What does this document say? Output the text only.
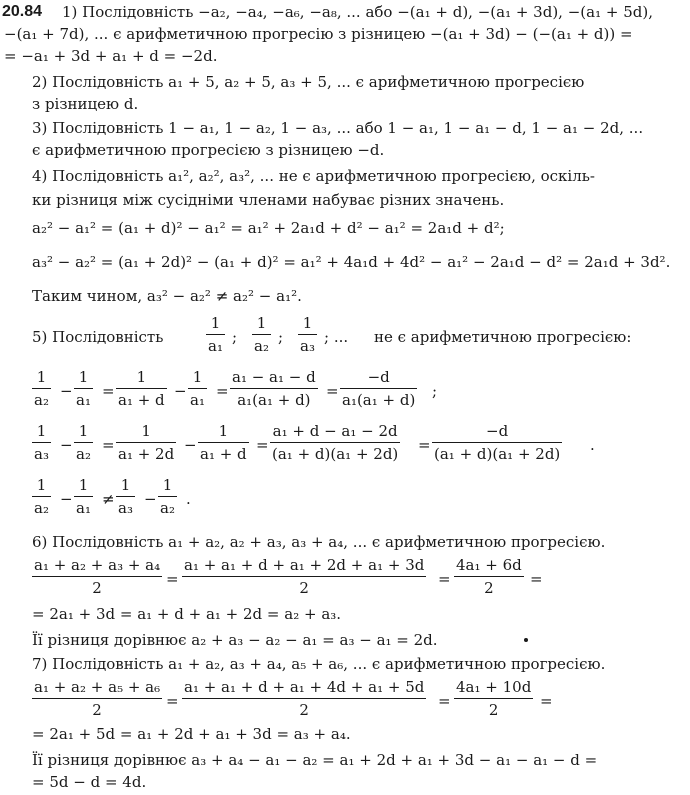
20.84 1) Послідовність −a₂, −a₄, −a₆, −a₈, ... або −(a₁ + d), −(a₁ + 3d), −(a₁ + 5d),
−(a₁ + 7d), ... є арифметичною прогресію з різницею −(a₁ + 3d) − (−(a₁ + d)) =
= −a₁ + 3d + a₁ + d = −2d.
2) Послідовність a₁ + 5, a₂ + 5, a₃ + 5, ... є арифметичною прогресією
з різницею d.
3) Послідовність 1 − a₁, 1 − a₂, 1 − a₃, ... або 1 − a₁, 1 − a₁ − d, 1 − a₁ − 2d, ...
є арифметичною прогресією з різницею −d.
4) Послідовність a₁², a₂², a₃², ... не є арифметичною прогресією, оскіль-
ки різниця між сусідніми членами набуває різних значень.
a₂² − a₁² = (a₁ + d)² − a₁² = a₁² + 2a₁d + d² − a₁² = 2a₁d + d²;
a₃² − a₂² = (a₁ + 2d)² − (a₁ + d)² = a₁² + 4a₁d + 4d² − a₁² − 2a₁d − d² = 2a₁d + 3d².
Таким чином, a₃² − a₂² ≠ a₂² − a₁².
5) Послідовність
1
a₁ ;
1
a₂ ;
1
a₃ ; ... не є арифметичною прогресією:
1
a₂ −
1
a₁ =
1
a₁ + d −
1
a₁ =
a₁ − a₁ − d
a₁(a₁ + d)	=
−d
a₁(a₁ + d) ;
1
a₃ −
1
a₂ =
1
a₁ + 2d −
1
a₁ + d =
a₁ + d − a₁ − 2d
(a₁ + d)(a₁ + 2d) =
−d
(a₁ + d)(a₁ + 2d) .
1
a₂ −
1
a₁ ≠
1
a₃ −
1
a₂ .
6) Послідовність a₁ + a₂, a₂ + a₃, a₃ + a₄, ... є арифметичною прогресією.
a₁ + a₂ + a₃ + a₄
2	=
a₁ + a₁ + d + a₁ + 2d + a₁ + 3d
2	=
4a₁ + 6d
2	=
= 2a₁ + 3d = a₁ + d + a₁ + 2d = a₂ + a₃.
Її різниця дорівнює a₂ + a₃ − a₂ − a₁ = a₃ − a₁ = 2d.
7) Послідовність a₁ + a₂, a₃ + a₄, a₅ + a₆, ... є арифметичною прогресією.
a₁ + a₂ + a₅ + a₆
2	=
a₁ + a₁ + d + a₁ + 4d + a₁ + 5d
2	=
4a₁ + 10d
2	=
= 2a₁ + 5d = a₁ + 2d + a₁ + 3d = a₃ + a₄.
Її різниця дорівнює a₃ + a₄ − a₁ − a₂ = a₁ + 2d + a₁ + 3d − a₁ − a₁ − d =
= 5d − d = 4d.
